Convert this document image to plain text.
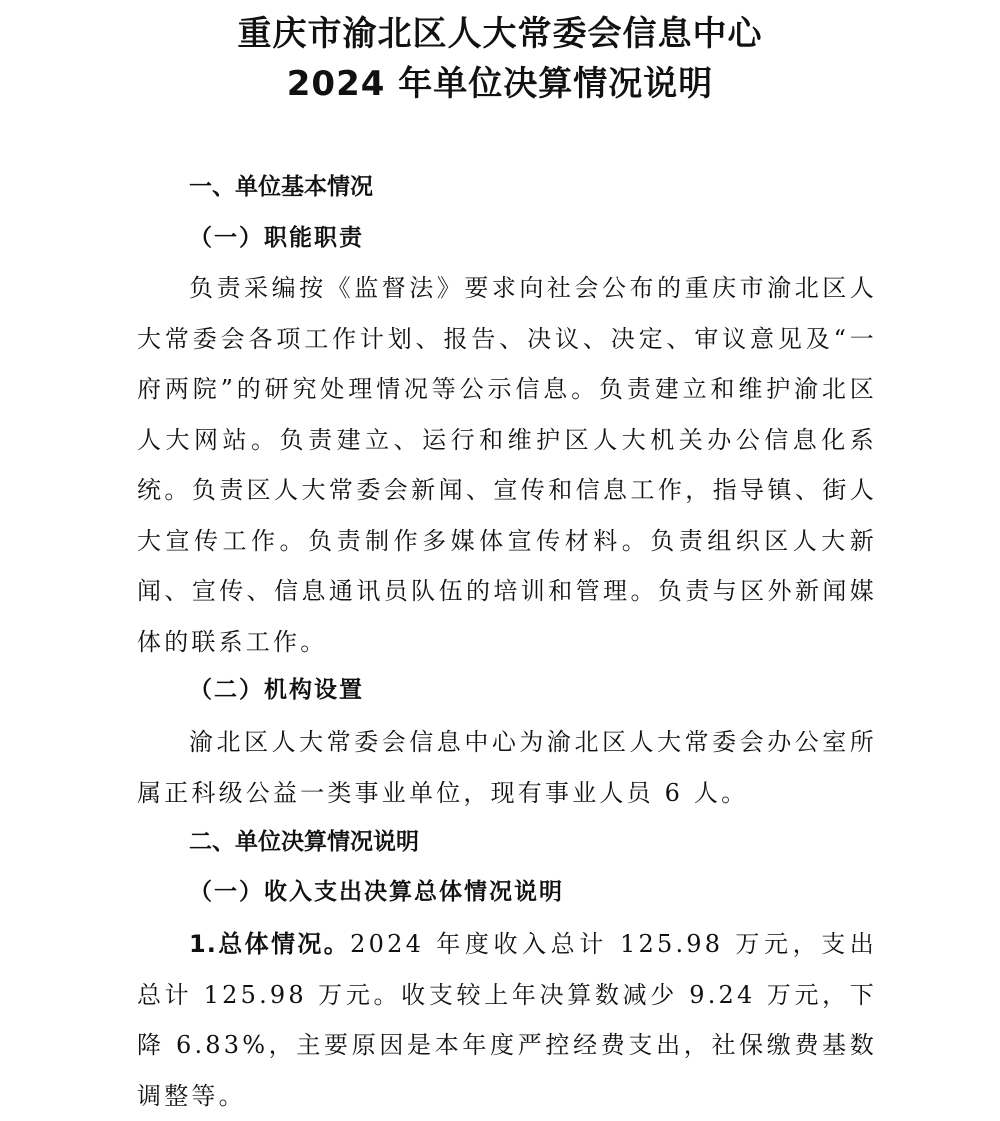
重庆市渝北区人大常委会信息中心
2024 年单位决算情况说明
一、单位基本情况
（一）职能职责

负责采编按《监督法》要求向社会公布的重庆市渝北区人大常委会各项工作计划、报告、决议、决定、审议意见及“一府两院”的研究处理情况等公示信息。负责建立和维护渝北区人大网站。负责建立、运行和维护区人大机关办公信息化系统。负责区人大常委会新闻、宣传和信息工作，指导镇、街人大宣传工作。负责制作多媒体宣传材料。负责组织区人大新闻、宣传、信息通讯员队伍的培训和管理。负责与区外新闻媒体的联系工作。

（二）机构设置

渝北区人大常委会信息中心为渝北区人大常委会办公室所属正科级公益一类事业单位，现有事业人员 6 人。

二、单位决算情况说明
（一）收入支出决算总体情况说明

1.总体情况。2024 年度收入总计 125.98 万元，支出总计 125.98 万元。收支较上年决算数减少 9.24 万元，下降 6.83%，主要原因是本年度严控经费支出，社保缴费基数调整等。
